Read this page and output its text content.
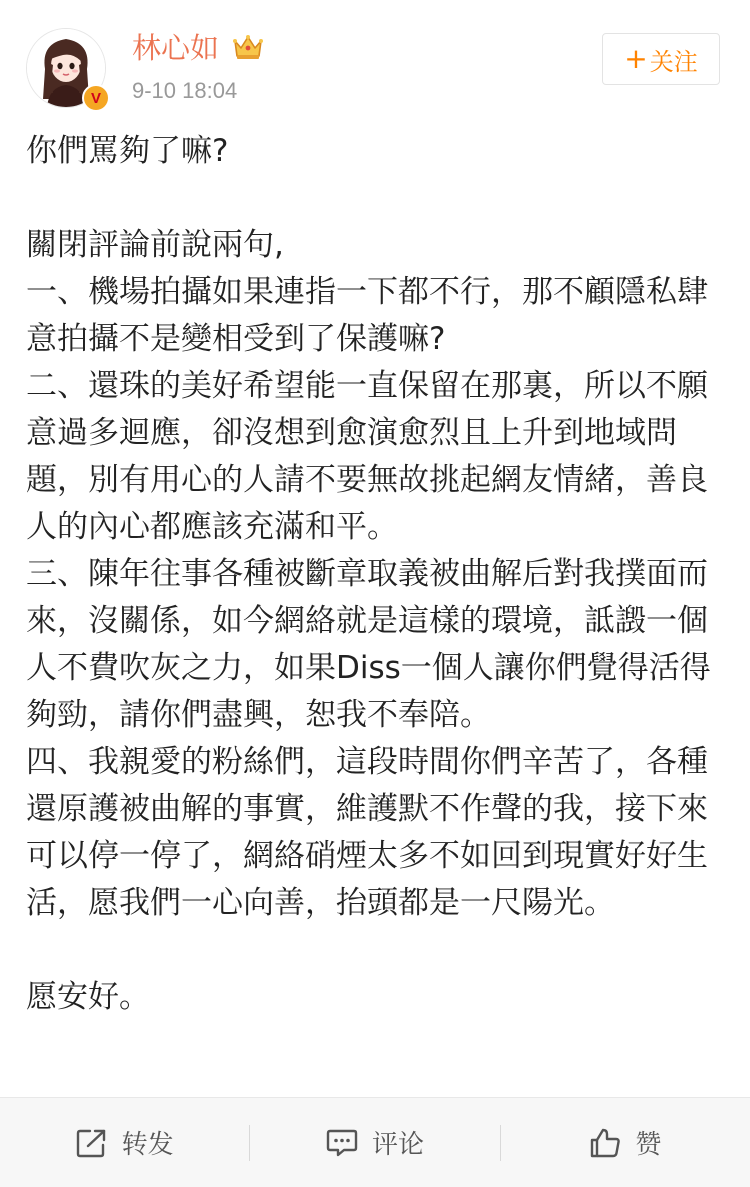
V
林心如
9-10 18:04
+ 关注

你們罵夠了嘛?

關閉評論前說兩句,

一、機場拍攝如果連指一下都不行，那不顧隱私肆意拍攝不是變相受到了保護嘛?

二、還珠的美好希望能一直保留在那裏，所以不願意過多迴應，卻沒想到愈演愈烈且上升到地域問題，別有用心的人請不要無故挑起網友情緒，善良人的內心都應該充滿和平。

三、陳年往事各種被斷章取義被曲解后對我撲面而來，沒關係，如今網絡就是這樣的環境，詆譭一個人不費吹灰之力，如果Diss一個人讓你們覺得活得夠勁，請你們盡興，恕我不奉陪。

四、我親愛的粉絲們，這段時間你們辛苦了，各種還原護被曲解的事實，維護默不作聲的我，接下來可以停一停了，網絡硝煙太多不如回到現實好好生活，愿我們一心向善，抬頭都是一尺陽光。

愿安好。

转发	评论	赞
